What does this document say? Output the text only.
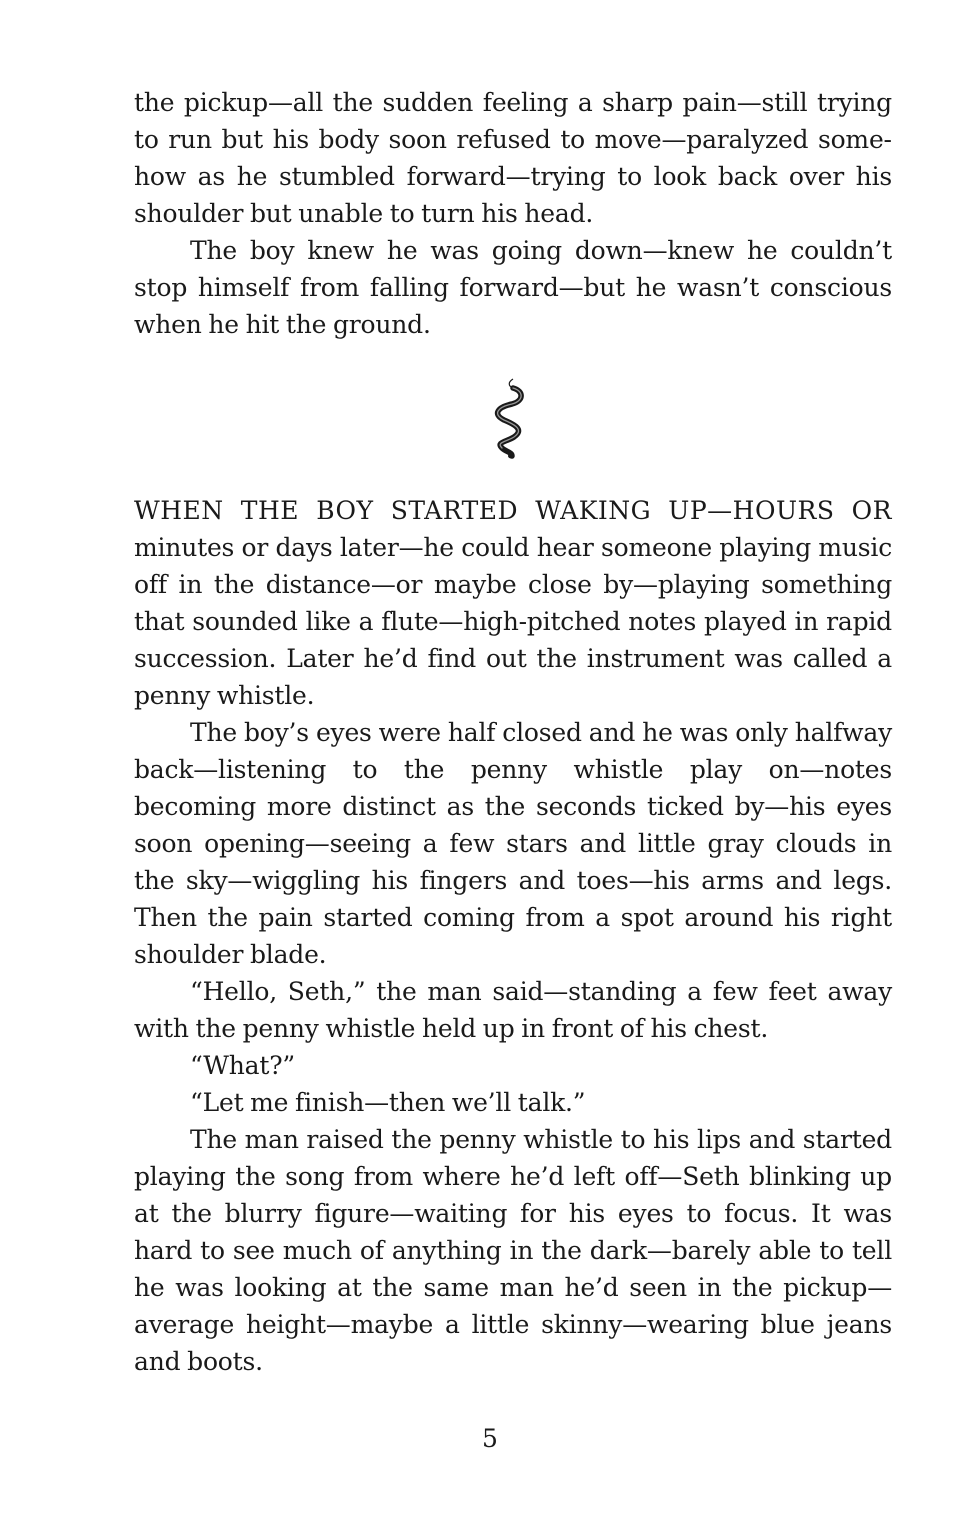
the pickup—all the sudden feeling a sharp pain—still trying to run but his body soon refused to move—paralyzed somehow as he stumbled forward—trying to look back over his shoulder but unable to turn his head.

The boy knew he was going down—knew he couldn’t stop himself from falling forward—but he wasn’t conscious when he hit the ground.

WHEN THE BOY STARTED WAKING UP—HOURS OR minutes or days later—he could hear someone playing music off in the distance—or maybe close by—playing something that sounded like a flute—high-pitched notes played in rapid succession. Later he’d find out the instrument was called a penny whistle.

The boy’s eyes were half closed and he was only halfway back—listening to the penny whistle play on—notes becoming more distinct as the seconds ticked by—his eyes soon opening—seeing a few stars and little gray clouds in the sky—wiggling his fingers and toes—his arms and legs. Then the pain started coming from a spot around his right shoulder blade.

“Hello, Seth,” the man said—standing a few feet away with the penny whistle held up in front of his chest.

“What?”

“Let me finish—then we’ll talk.”

The man raised the penny whistle to his lips and started playing the song from where he’d left off—Seth blinking up at the blurry figure—waiting for his eyes to focus. It was hard to see much of anything in the dark—barely able to tell he was looking at the same man he’d seen in the pickup—average height—maybe a little skinny—wearing blue jeans and boots.

5
